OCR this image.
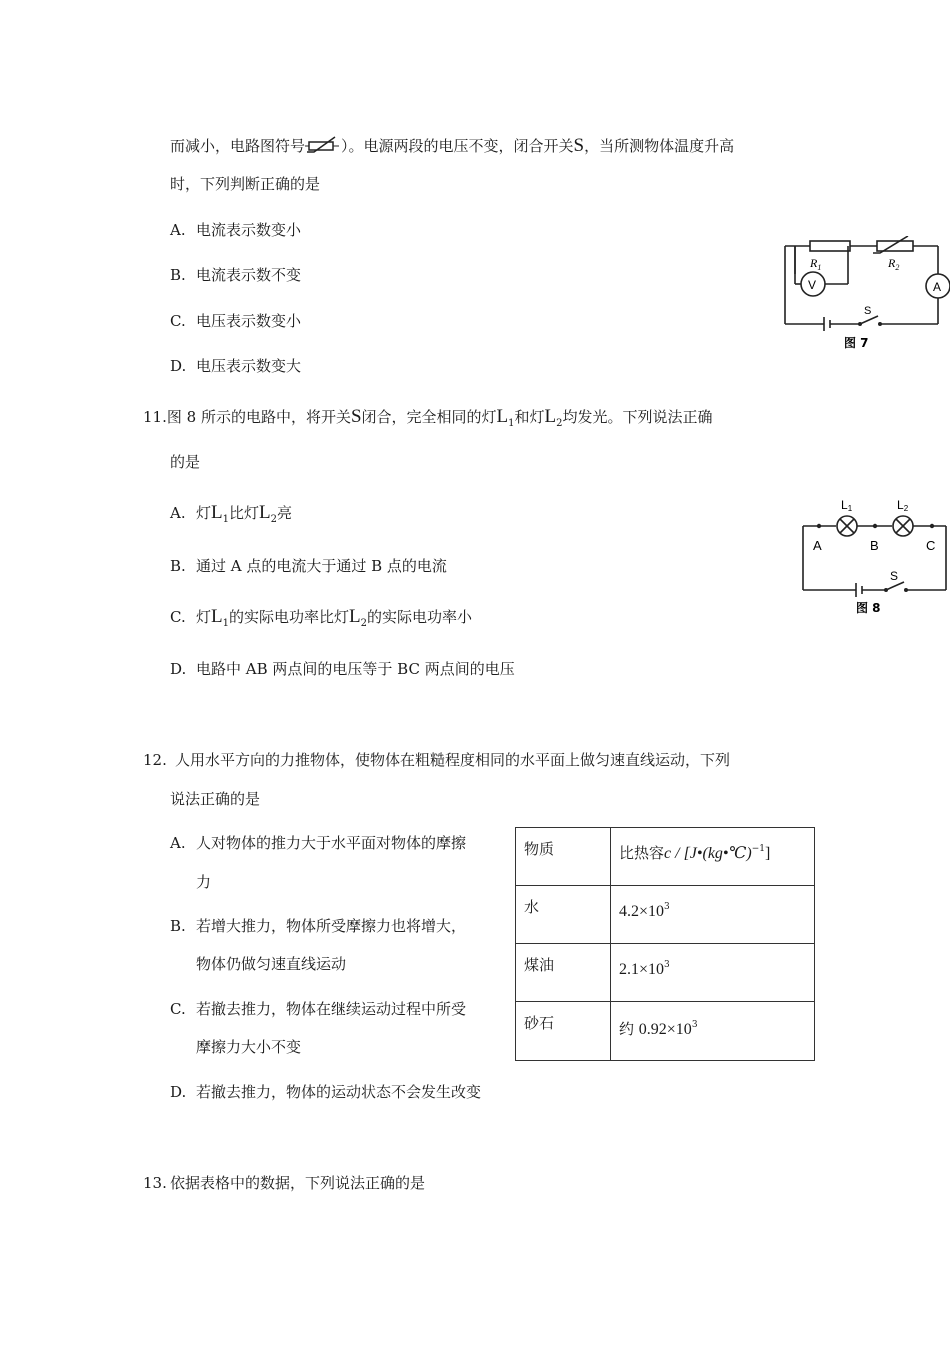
而减小，电路图符号 ）。电源两段的电压不变，闭合开关S，当所测物体温度升高
时，下列判断正确的是
A. 电流表示数变小
B. 电流表示数不变
C. 电压表示数变小
D. 电压表示数变大
$R_1$	$R_2$
V	A
S
图 7
11.图 8 所示的电路中，将开关S闭合，完全相同的灯$L_1$和灯$L_2$均发光。下列说法正确
的是
A. 灯$L_1$比灯$L_2$亮
B. 通过 A 点的电流大于通过 B 点的电流
C. 灯$L_1$的实际电功率比灯$L_2$的实际电功率小
D. 电路中 AB 两点间的电压等于 BC 两点间的电压
L1	L2
A	B	C
S
图 8
12. 人用水平方向的力推物体，使物体在粗糙程度相同的水平面上做匀速直线运动，下列
说法正确的是
A. 人对物体的推力大于水平面对物体的摩擦
力
B. 若增大推力，物体所受摩擦力也将增大，
物体仍做匀速直线运动
C. 若撤去推力，物体在继续运动过程中所受
摩擦力大小不变
D. 若撤去推力，物体的运动状态不会发生改变
物质	比热容c / [J•(kg•℃)$^{-1}$]
水	$4.2\times 10^3$
煤油	$2.1\times 10^3$
砂石	约 $0.92\times 10^3$
13. 依据表格中的数据，下列说法正确的是
